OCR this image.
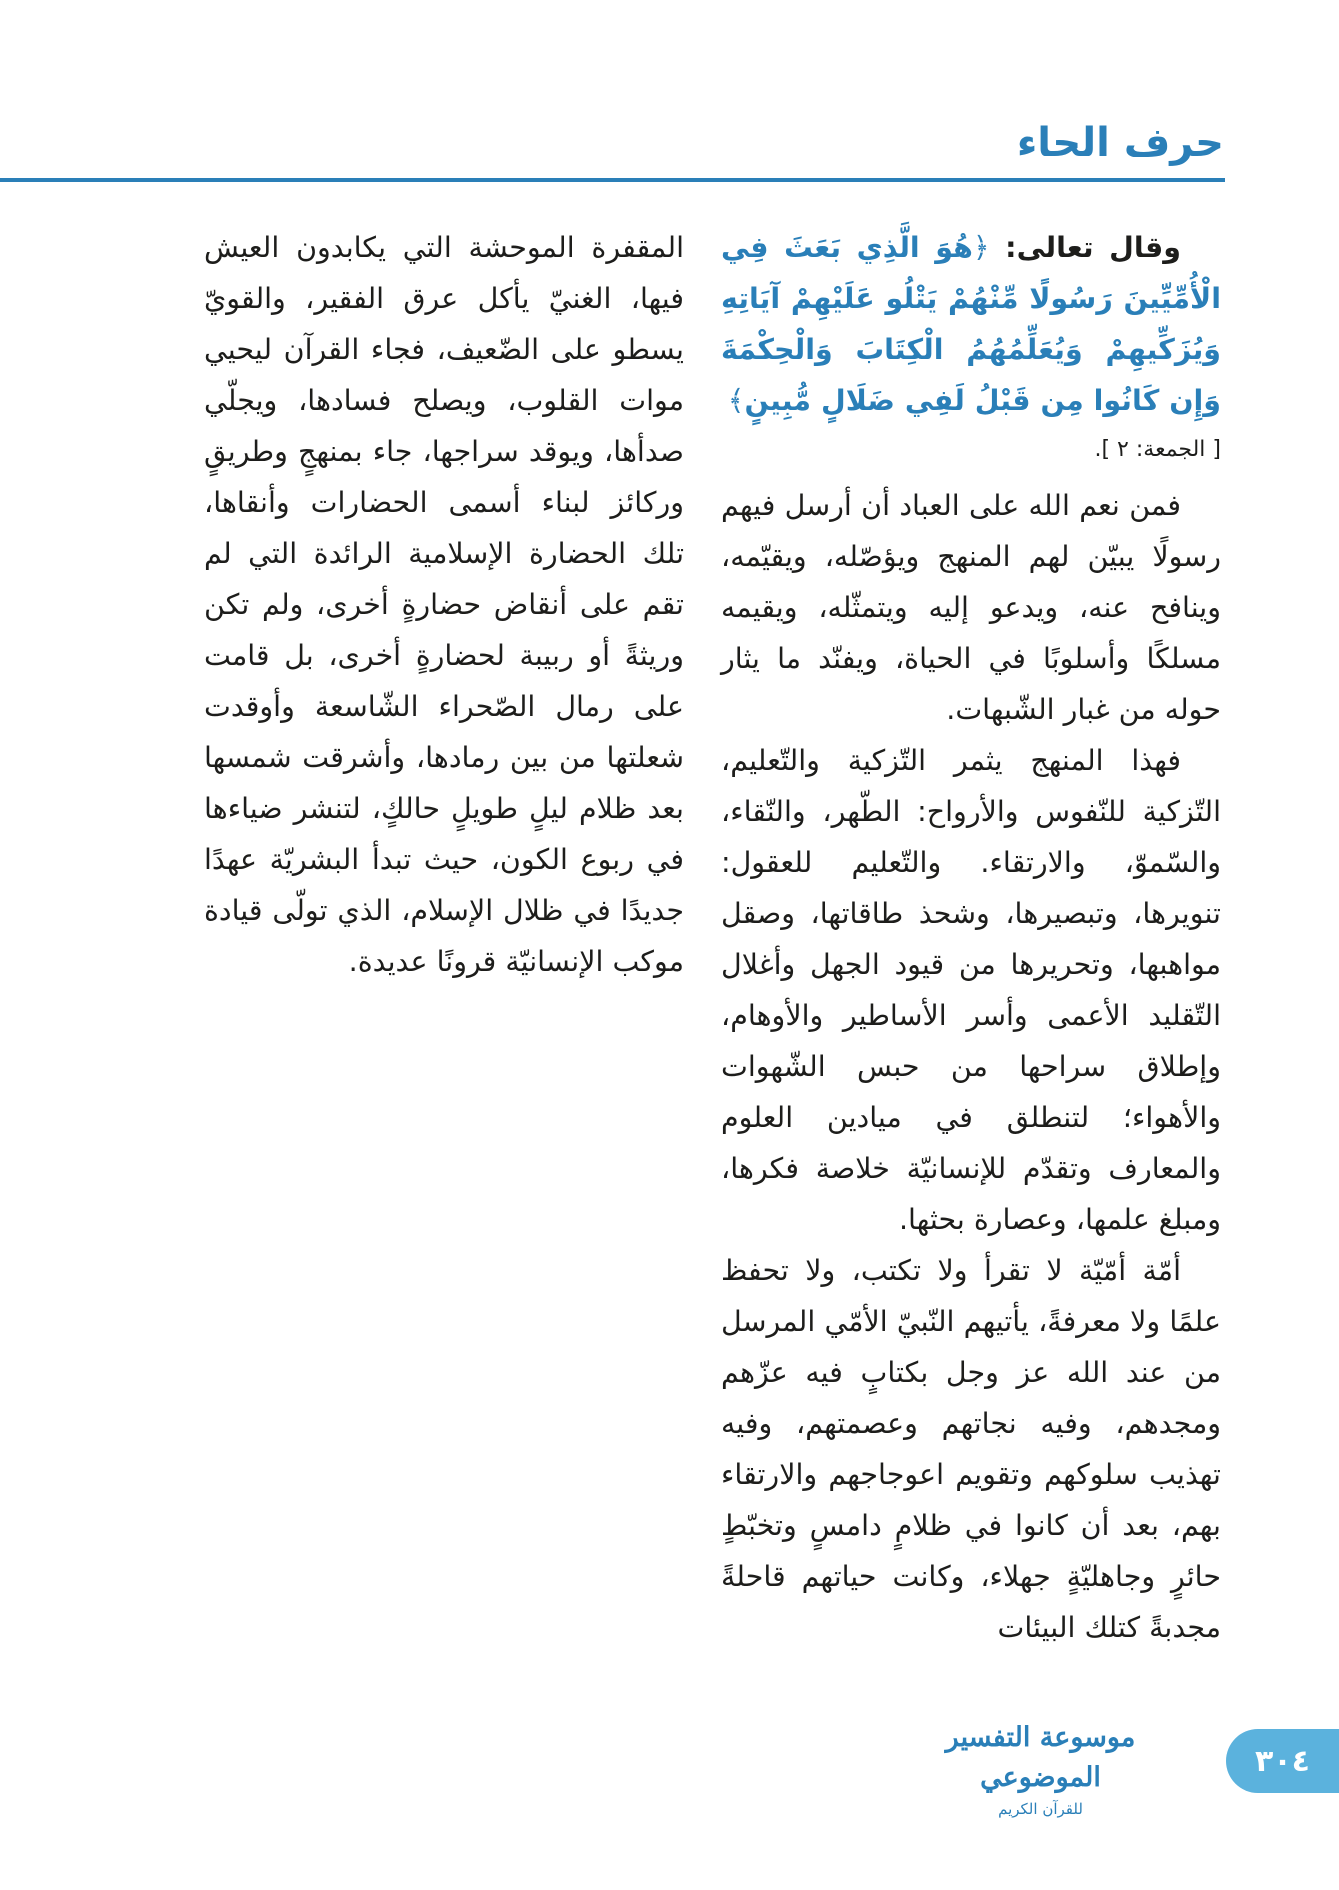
حرف الحاء

وقال تعالى: ﴿هُوَ الَّذِي بَعَثَ فِي الْأُمِّيِّينَ رَسُولًا مِّنْهُمْ يَتْلُو عَلَيْهِمْ آيَاتِهِ وَيُزَكِّيهِمْ وَيُعَلِّمُهُمُ الْكِتَابَ وَالْحِكْمَةَ وَإِن كَانُوا مِن قَبْلُ لَفِي ضَلَالٍ مُّبِينٍ﴾

[ الجمعة: ٢ ].

فمن نعم الله على العباد أن أرسل فيهم رسولًا يبيّن لهم المنهج ويؤصّله، ويقيّمه، وينافح عنه، ويدعو إليه ويتمثّله، ويقيمه مسلكًا وأسلوبًا في الحياة، ويفنّد ما يثار حوله من غبار الشّبهات.

فهذا المنهج يثمر التّزكية والتّعليم، التّزكية للنّفوس والأرواح: الطّهر، والنّقاء، والسّموّ، والارتقاء. والتّعليم للعقول: تنويرها، وتبصيرها، وشحذ طاقاتها، وصقل مواهبها، وتحريرها من قيود الجهل وأغلال التّقليد الأعمى وأسر الأساطير والأوهام، وإطلاق سراحها من حبس الشّهوات والأهواء؛ لتنطلق في ميادين العلوم والمعارف وتقدّم للإنسانيّة خلاصة فكرها، ومبلغ علمها، وعصارة بحثها.

أمّة أمّيّة لا تقرأ ولا تكتب، ولا تحفظ علمًا ولا معرفةً، يأتيهم النّبيّ الأمّي المرسل من عند الله عز وجل بكتابٍ فيه عزّهم ومجدهم، وفيه نجاتهم وعصمتهم، وفيه تهذيب سلوكهم وتقويم اعوجاجهم والارتقاء بهم، بعد أن كانوا في ظلامٍ دامسٍ وتخبّطٍ حائرٍ وجاهليّةٍ جهلاء، وكانت حياتهم قاحلةً مجدبةً كتلك البيئات

المقفرة الموحشة التي يكابدون العيش فيها، الغنيّ يأكل عرق الفقير، والقويّ يسطو على الضّعيف، فجاء القرآن ليحيي موات القلوب، ويصلح فسادها، ويجلّي صدأها، ويوقد سراجها، جاء بمنهجٍ وطريقٍ وركائز لبناء أسمى الحضارات وأنقاها، تلك الحضارة الإسلامية الرائدة التي لم تقم على أنقاض حضارةٍ أخرى، ولم تكن وريثةً أو ربيبة لحضارةٍ أخرى، بل قامت على رمال الصّحراء الشّاسعة وأوقدت شعلتها من بين رمادها، وأشرقت شمسها بعد ظلام ليلٍ طويلٍ حالكٍ، لتنشر ضياءها في ربوع الكون، حيث تبدأ البشريّة عهدًا جديدًا في ظلال الإسلام، الذي تولّى قيادة موكب الإنسانيّة قرونًا عديدة.

موسوعة التفسير الموضوعي
للقرآن الكريم
٣٠٤
